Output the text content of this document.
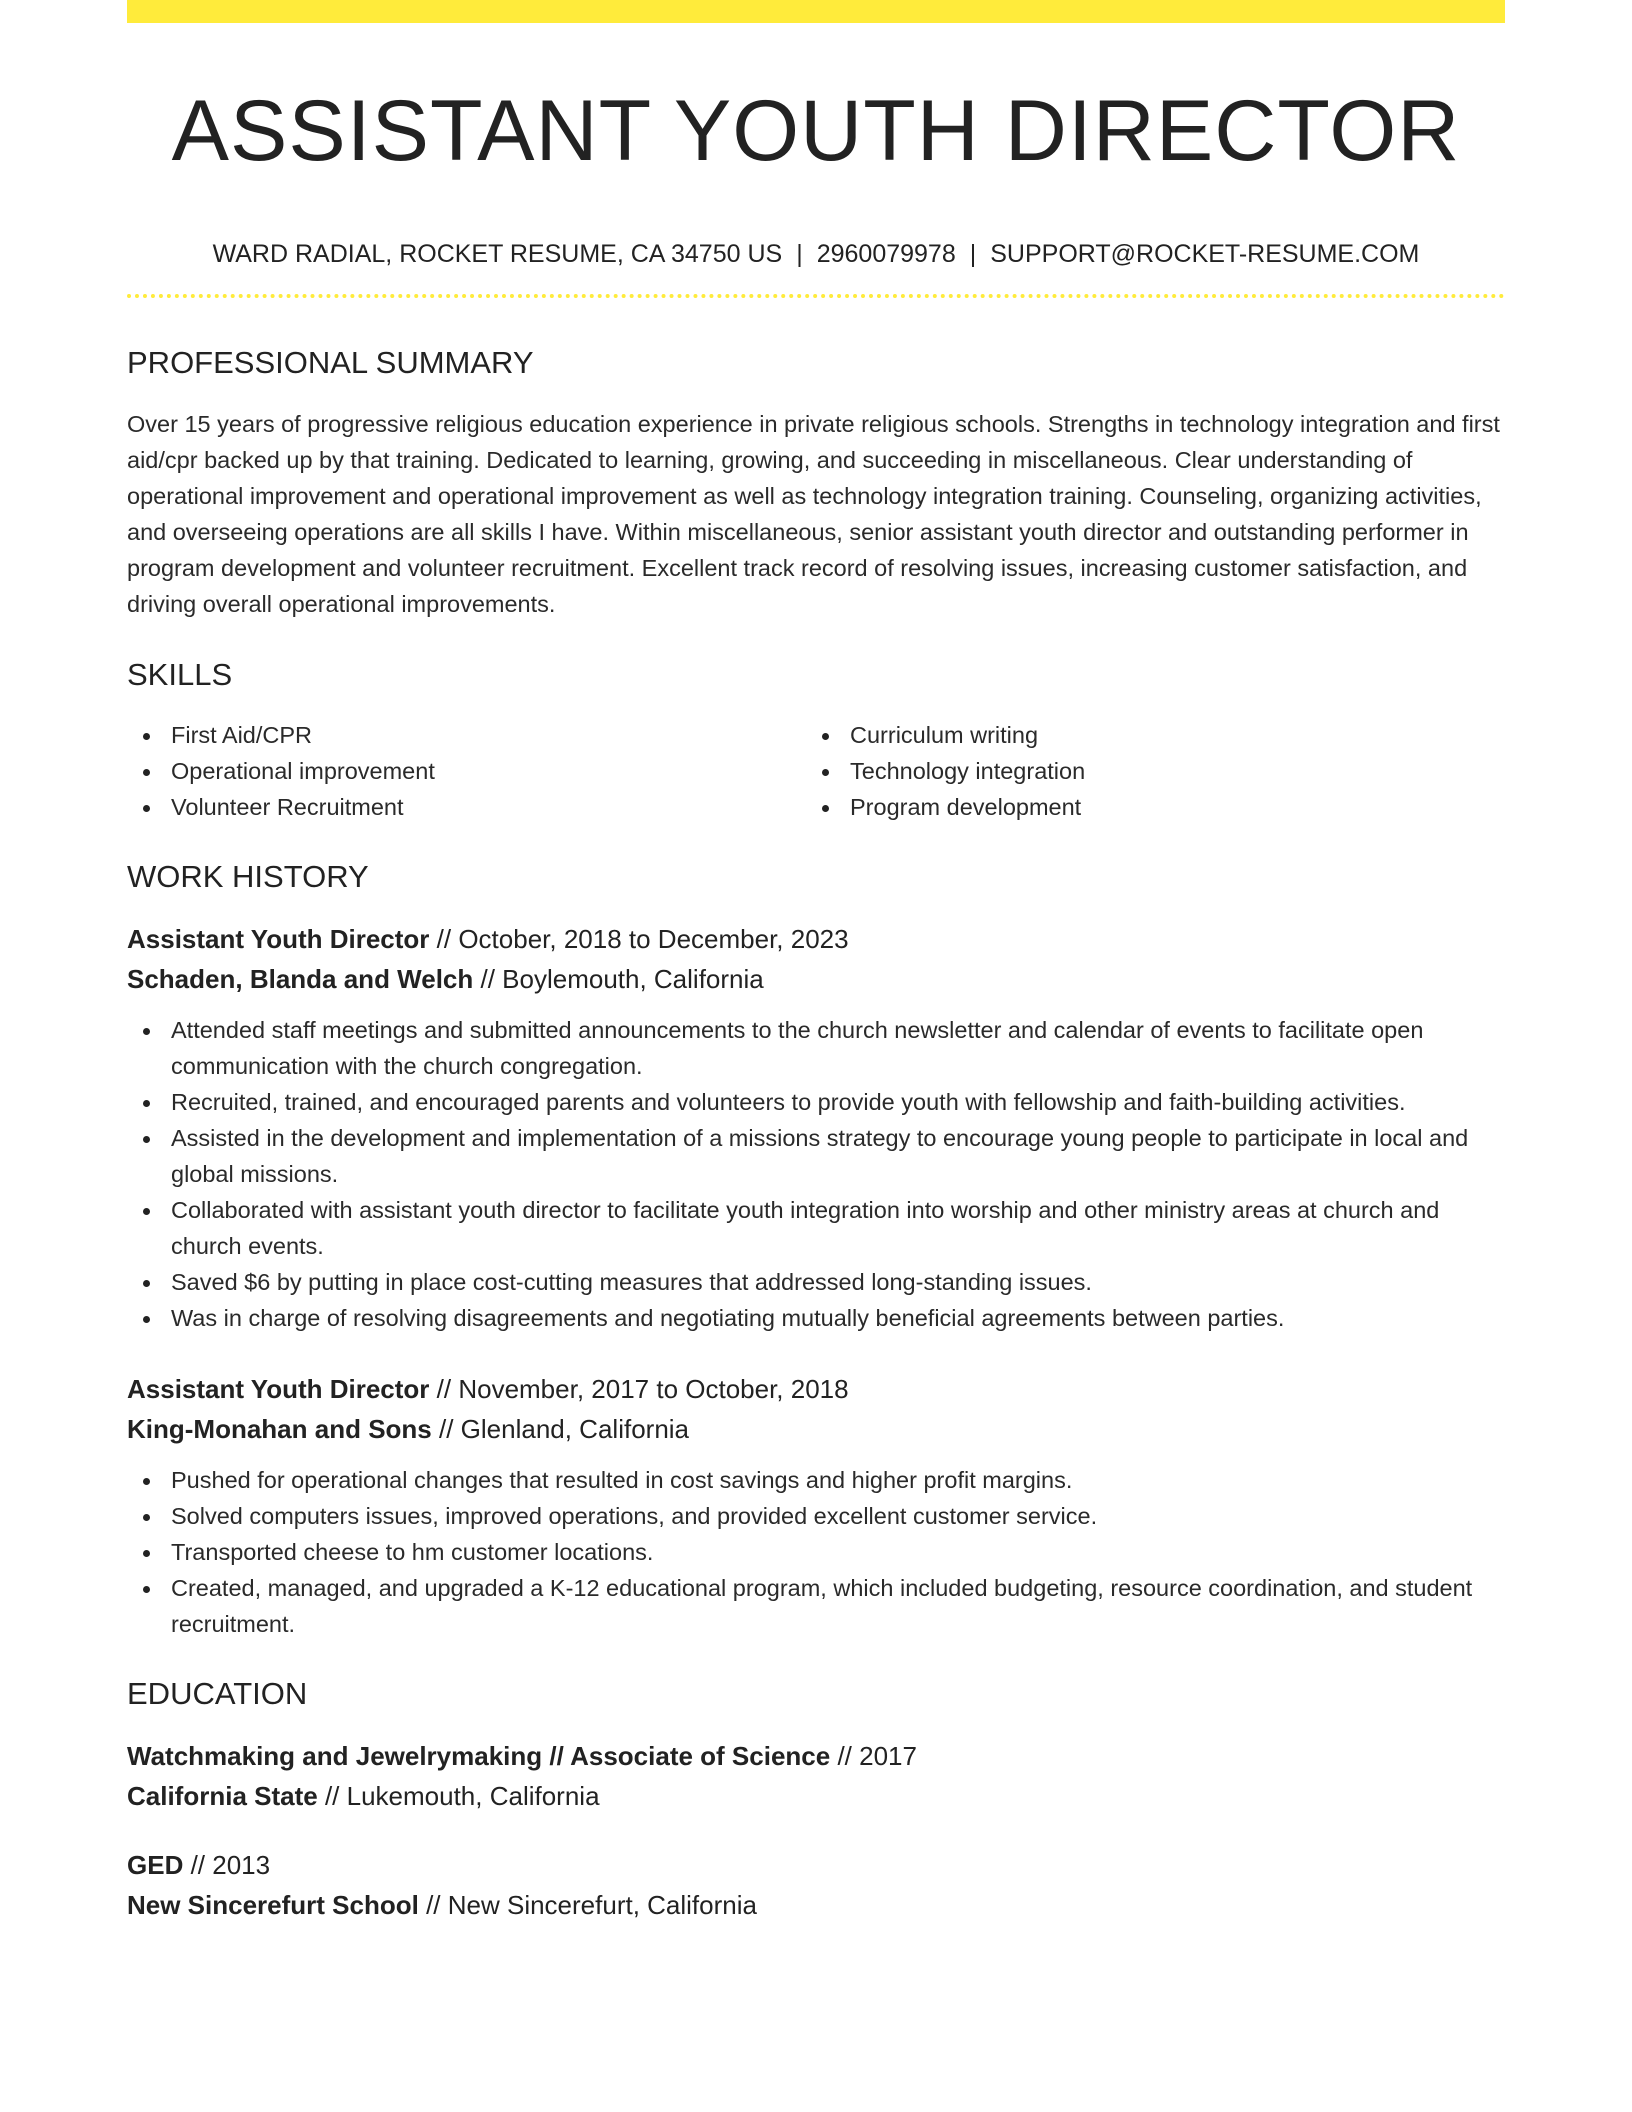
ASSISTANT YOUTH DIRECTOR
WARD RADIAL, ROCKET RESUME, CA 34750 US | 2960079978 | SUPPORT@ROCKET-RESUME.COM
PROFESSIONAL SUMMARY

Over 15 years of progressive religious education experience in private religious schools. Strengths in technology integration and first aid/cpr backed up by that training. Dedicated to learning, growing, and succeeding in miscellaneous. Clear understanding of operational improvement and operational improvement as well as technology integration training. Counseling, organizing activities, and overseeing operations are all skills I have. Within miscellaneous, senior assistant youth director and outstanding performer in program development and volunteer recruitment. Excellent track record of resolving issues, increasing customer satisfaction, and driving overall operational improvements.

SKILLS
First Aid/CPR
Operational improvement
Volunteer Recruitment
Curriculum writing
Technology integration
Program development
WORK HISTORY
Assistant Youth Director // October, 2018 to December, 2023
Schaden, Blanda and Welch // Boylemouth, California
Attended staff meetings and submitted announcements to the church newsletter and calendar of events to facilitate open communication with the church congregation.
Recruited, trained, and encouraged parents and volunteers to provide youth with fellowship and faith-building activities.
Assisted in the development and implementation of a missions strategy to encourage young people to participate in local and global missions.
Collaborated with assistant youth director to facilitate youth integration into worship and other ministry areas at church and church events.
Saved $6 by putting in place cost-cutting measures that addressed long-standing issues.
Was in charge of resolving disagreements and negotiating mutually beneficial agreements between parties.
Assistant Youth Director // November, 2017 to October, 2018
King-Monahan and Sons // Glenland, California
Pushed for operational changes that resulted in cost savings and higher profit margins.
Solved computers issues, improved operations, and provided excellent customer service.
Transported cheese to hm customer locations.
Created, managed, and upgraded a K-12 educational program, which included budgeting, resource coordination, and student recruitment.
EDUCATION
Watchmaking and Jewelrymaking // Associate of Science // 2017
California State // Lukemouth, California
GED // 2013
New Sincerefurt School // New Sincerefurt, California
